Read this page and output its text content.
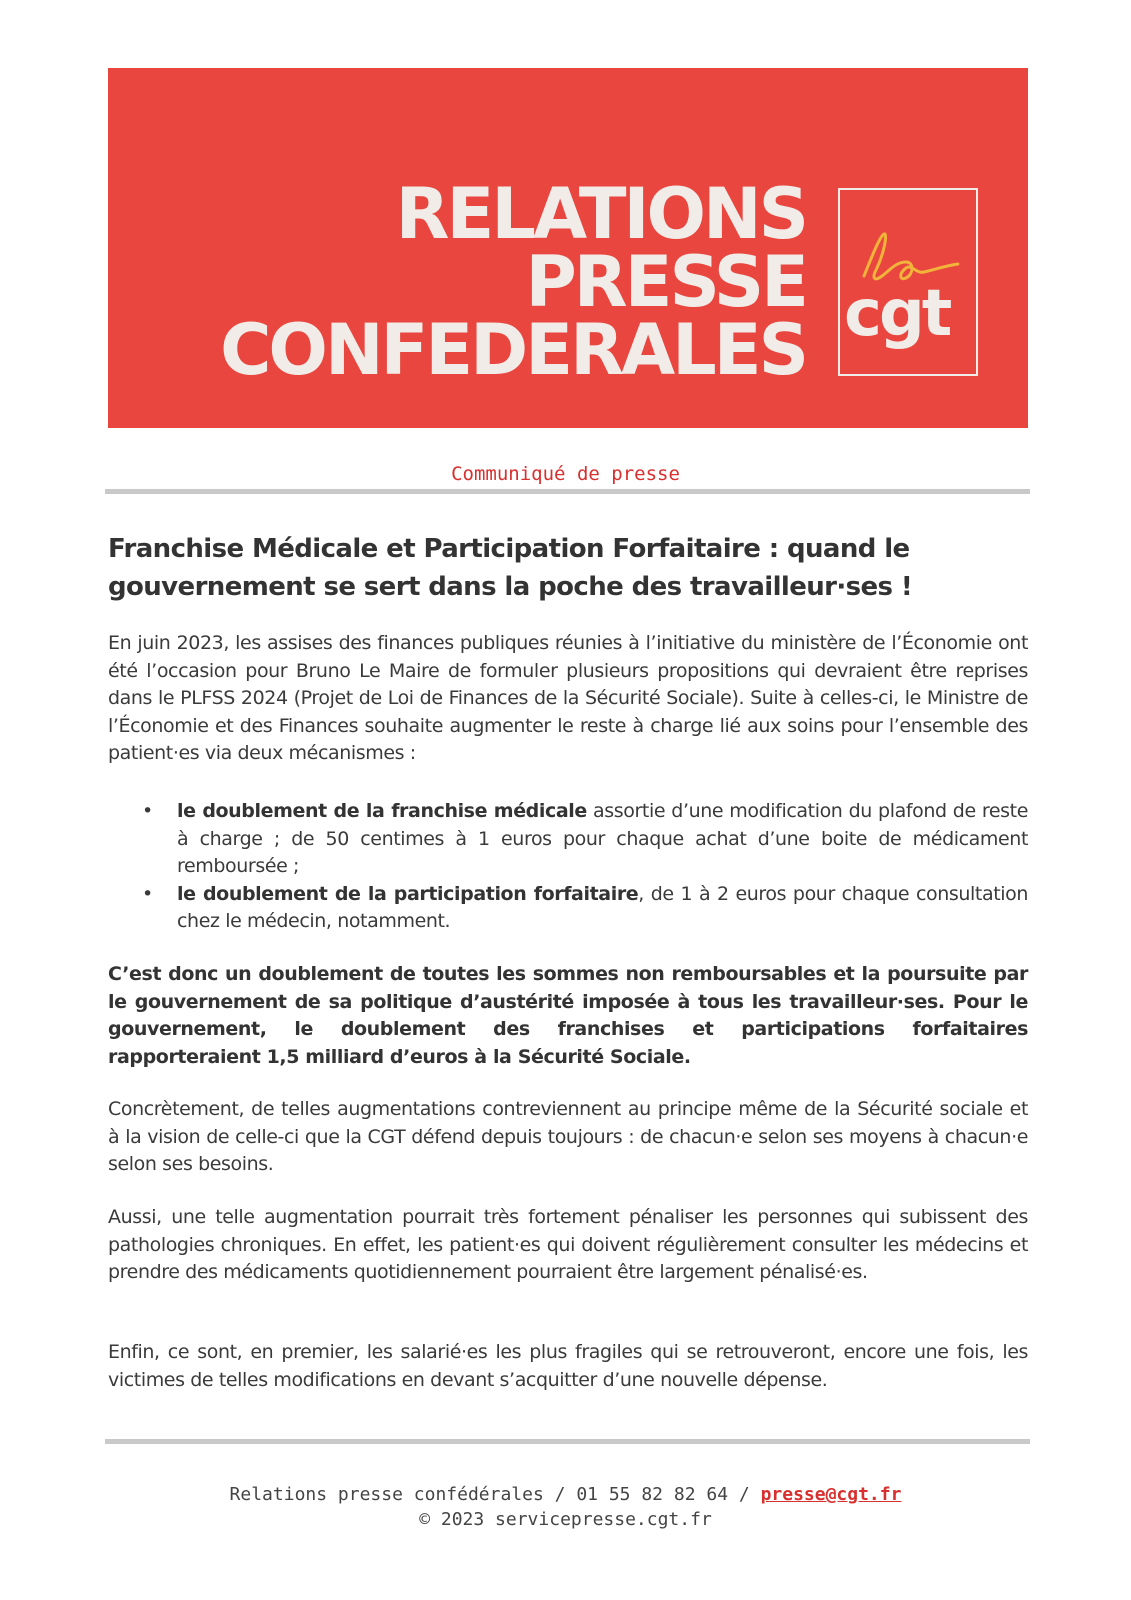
RELATIONS
PRESSE
CONFEDERALES cgt
Communiqué de presse
Franchise Médicale et Participation Forfaitaire : quand le gouvernement se sert dans la poche des travailleur·ses !

En juin 2023, les assises des finances publiques réunies à l’initiative du ministère de l’Économie ont été l’occasion pour Bruno Le Maire de formuler plusieurs propositions qui devraient être reprises dans le PLFSS 2024 (Projet de Loi de Finances de la Sécurité Sociale). Suite à celles-ci, le Ministre de l’Économie et des Finances souhaite augmenter le reste à charge lié aux soins pour l’ensemble des patient·es via deux mécanismes :

• le doublement de la franchise médicale assortie d’une modification du plafond de reste à charge ; de 50 centimes à 1 euros pour chaque achat d’une boite de médicament remboursée ;
• le doublement de la participation forfaitaire, de 1 à 2 euros pour chaque consultation chez le médecin, notamment.

C’est donc un doublement de toutes les sommes non remboursables et la poursuite par le gouvernement de sa politique d’austérité imposée à tous les travailleur·ses. Pour le gouvernement, le doublement des franchises et participations forfaitaires rapporteraient 1,5 milliard d’euros à la Sécurité Sociale.

Concrètement, de telles augmentations contreviennent au principe même de la Sécurité sociale et à la vision de celle-ci que la CGT défend depuis toujours : de chacun·e selon ses moyens à chacun·e selon ses besoins.

Aussi, une telle augmentation pourrait très fortement pénaliser les personnes qui subissent des pathologies chroniques. En effet, les patient·es qui doivent régulièrement consulter les médecins et prendre des médicaments quotidiennement pourraient être largement pénalisé·es.

Enfin, ce sont, en premier, les salarié·es les plus fragiles qui se retrouveront, encore une fois, les victimes de telles modifications en devant s’acquitter d’une nouvelle dépense.

Relations presse confédérales / 01 55 82 82 64 / presse@cgt.fr
© 2023 servicepresse.cgt.fr
